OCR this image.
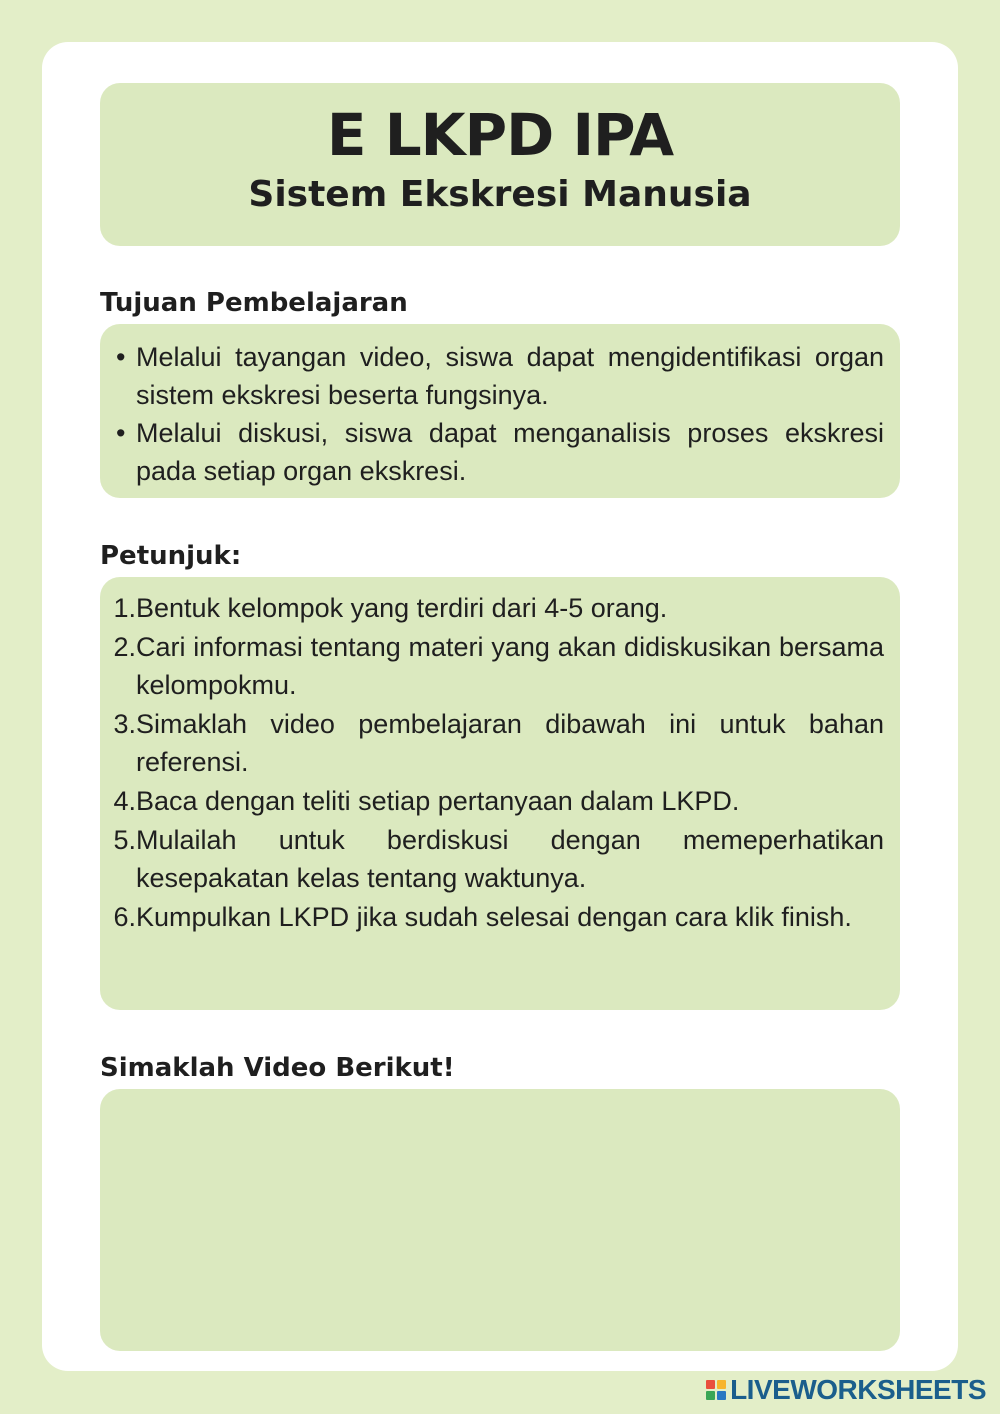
E LKPD IPA
Sistem Ekskresi Manusia
Tujuan Pembelajaran
• Melalui tayangan video, siswa dapat mengidentifikasi organ sistem ekskresi beserta fungsinya.
• Melalui diskusi, siswa dapat menganalisis proses ekskresi pada setiap organ ekskresi.
Petunjuk:
1. Bentuk kelompok yang terdiri dari 4-5 orang.
2. Cari informasi tentang materi yang akan didiskusikan bersama kelompokmu.
3. Simaklah video pembelajaran dibawah ini untuk bahan referensi.
4. Baca dengan teliti setiap pertanyaan dalam LKPD.
5. Mulailah untuk berdiskusi dengan memeperhatikan kesepakatan kelas tentang waktunya.
6. Kumpulkan LKPD jika sudah selesai dengan cara klik finish.
Simaklah Video Berikut!
LIVEWORKSHEETS
